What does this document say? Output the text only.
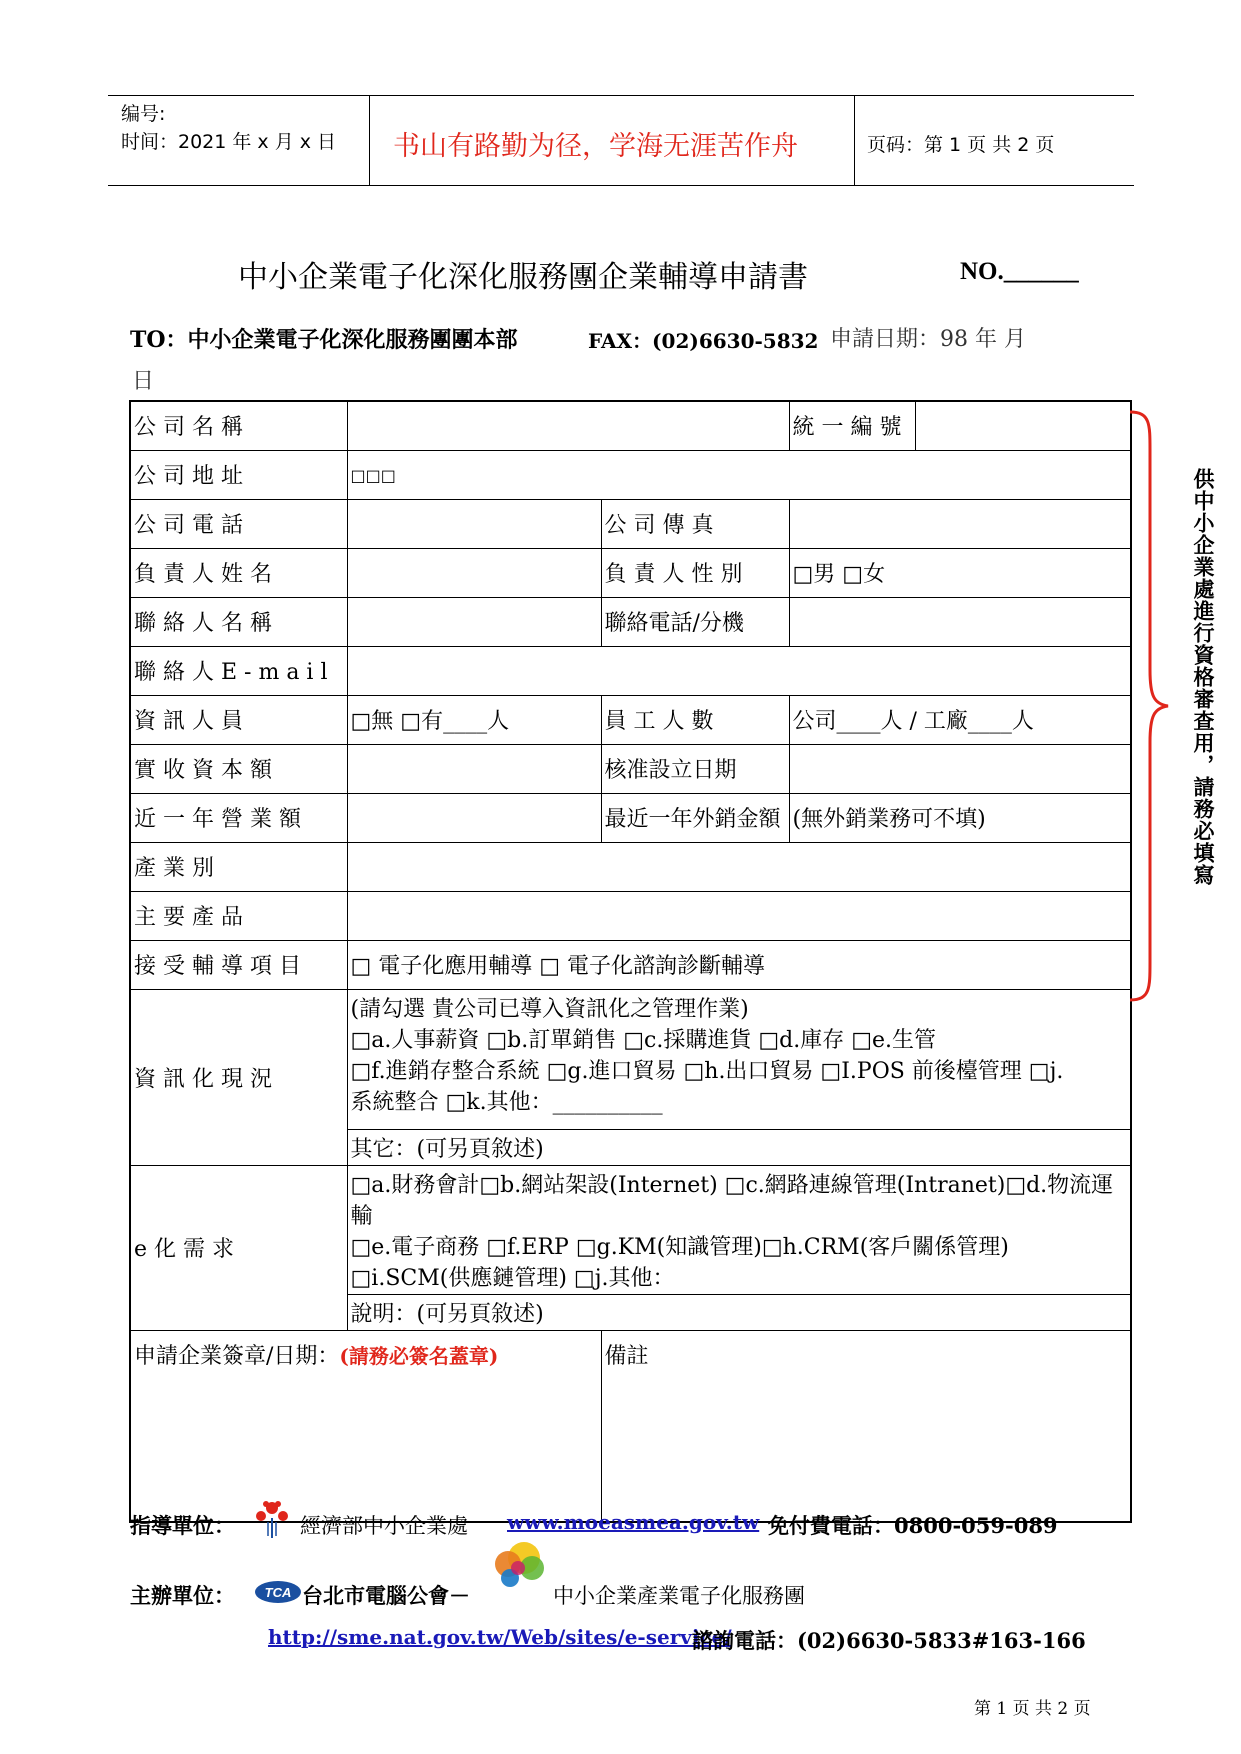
编号:
时间：2021 年 x 月 x 日 书山有路勤为径，学海无涯苦作舟	页码：第 1 页 共 2 页
中小企業電子化深化服務團企業輔導申請書	NO.______
TO：中小企業電子化深化服務團團本部	FAX：(02)6630-5832 申請日期：98 年 月
日
公 司 名 稱			統 一 編 號	
公 司 地 址	□□□			
公 司 電 話		公 司 傳 真		
負 責 人 姓 名		負 責 人 性 別	□男 □女	
聯 絡 人 名 稱		聯絡電話/分機		
聯 絡 人 E - m a i l				
資 訊 人 員	□無 □有____人	員 工 人 數	公司____人 / 工廠____人	
實 收 資 本 額		核准設立日期		
近 一 年 營 業 額		最近一年外銷金額	(無外銷業務可不填)	
產 業 別				
主 要 產 品				
接 受 輔 導 項 目	□ 電子化應用輔導 □ 電子化諮詢診斷輔導			
資 訊 化 現 況	(請勾選 貴公司已導入資訊化之管理作業)
□a.人事薪資 □b.訂單銷售 □c.採購進貨 □d.庫存 □e.生管
□f.進銷存整合系統 □g.進口貿易 □h.出口貿易 □I.POS 前後檯管理 □j.
系統整合 □k.其他：__________			

	其它：(可另頁敘述)			
e 化 需 求	□a.財務會計□b.網站架設(Internet) □c.網路連線管理(Intranet)□d.物流運輸
□e.電子商務 □f.ERP □g.KM(知識管理)□h.CRM(客戶關係管理)
□i.SCM(供應鏈管理) □j.其他：			

	說明：(可另頁敘述)			
申請企業簽章/日期：(請務必簽名蓋章)		備註		
供中小企業處進行資格審查用，請務必填寫
指導單位：	經濟部中小企業處 www.moeasmea.gov.tw 免付費電話：0800-059-089
主辦單位： TCA 台北市電腦公會－	中小企業產業電子化服務團
http://sme.nat.gov.tw/Web/sites/e-service/
諮詢電話：(02)6630-5833#163-166
第 1 页 共 2 页
